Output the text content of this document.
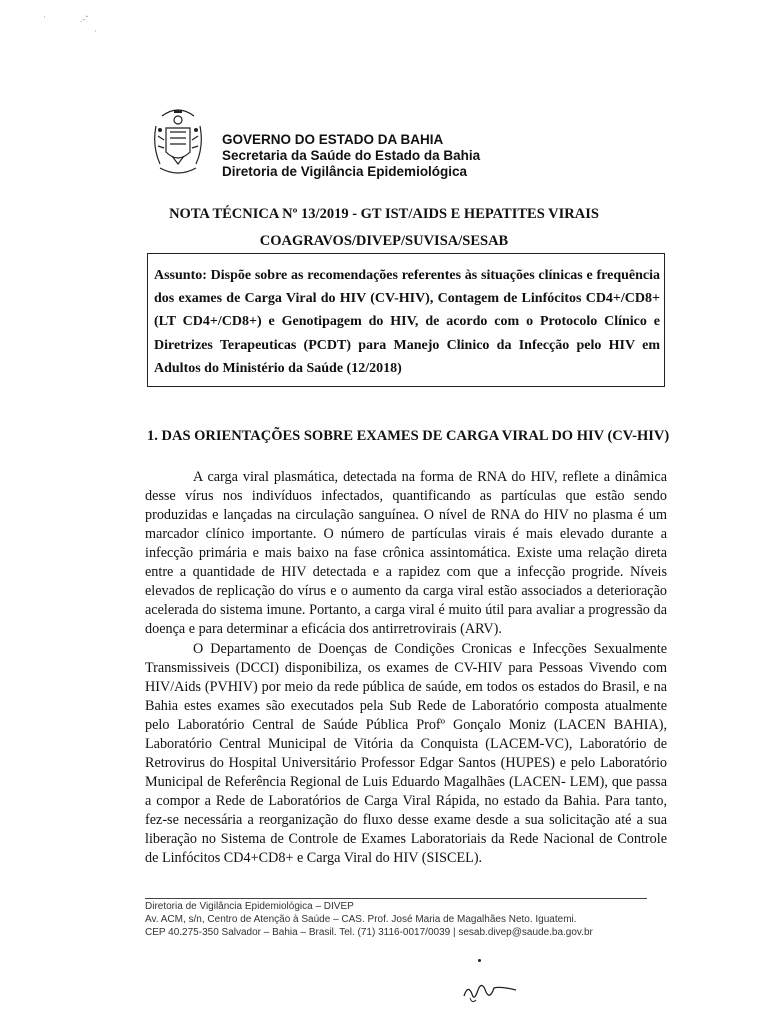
·	.-ˇ
·
GOVERNO DO ESTADO DA BAHIA
Secretaria da Saúde do Estado da Bahia
Diretoria de Vigilância Epidemiológica
NOTA TÉCNICA Nº 13/2019 - GT IST/AIDS E HEPATITES VIRAIS
COAGRAVOS/DIVEP/SUVISA/SESAB

Assunto: Dispõe sobre as recomendações referentes às situações clínicas e frequência dos exames de Carga Viral do HIV (CV-HIV), Contagem de Linfócitos CD4+/CD8+ (LT CD4+/CD8+) e Genotipagem do HIV, de acordo com o Protocolo Clínico e Diretrizes Terapeuticas (PCDT) para Manejo Clinico da Infecção pelo HIV em Adultos do Ministério da Saúde (12/2018)

1. DAS ORIENTAÇÕES SOBRE EXAMES DE CARGA VIRAL DO HIV (CV-HIV)

A carga viral plasmática, detectada na forma de RNA do HIV, reflete a dinâmica desse vírus nos indivíduos infectados, quantificando as partículas que estão sendo produzidas e lançadas na circulação sanguínea. O nível de RNA do HIV no plasma é um marcador clínico importante. O número de partículas virais é mais elevado durante a infecção primária e mais baixo na fase crônica assintomática. Existe uma relação direta entre a quantidade de HIV detectada e a rapidez com que a infecção progride. Níveis elevados de replicação do vírus e o aumento da carga viral estão associados a deterioração acelerada do sistema imune. Portanto, a carga viral é muito útil para avaliar a progressão da doença e para determinar a eficácia dos antirretrovirais (ARV).

O Departamento de Doenças de Condições Cronicas e Infecções Sexualmente Transmissiveis (DCCI) disponibiliza, os exames de CV-HIV para Pessoas Vivendo com HIV/Aids (PVHIV) por meio da rede pública de saúde, em todos os estados do Brasil, e na Bahia estes exames são executados pela Sub Rede de Laboratório composta atualmente pelo Laboratório Central de Saúde Pública Profº Gonçalo Moniz (LACEN BAHIA), Laboratório Central Municipal de Vitória da Conquista (LACEM-VC), Laboratório de Retrovirus do Hospital Universitário Professor Edgar Santos (HUPES) e pelo Laboratório Municipal de Referência Regional de Luis Eduardo Magalhães (LACEN- LEM), que passa a compor a Rede de Laboratórios de Carga Viral Rápida, no estado da Bahia. Para tanto, fez-se necessária a reorganização do fluxo desse exame desde a sua solicitação até a sua liberação no Sistema de Controle de Exames Laboratoriais da Rede Nacional de Controle de Linfócitos CD4+CD8+ e Carga Viral do HIV (SISCEL).

Diretoria de Vigilância Epidemiológica – DIVEP
Av. ACM, s/n, Centro de Atenção à Saúde – CAS. Prof. José Maria de Magalhães Neto. Iguatemi.
CEP 40.275-350 Salvador – Bahia – Brasil. Tel. (71) 3116-0017/0039 | sesab.divep@saude.ba.gov.br
